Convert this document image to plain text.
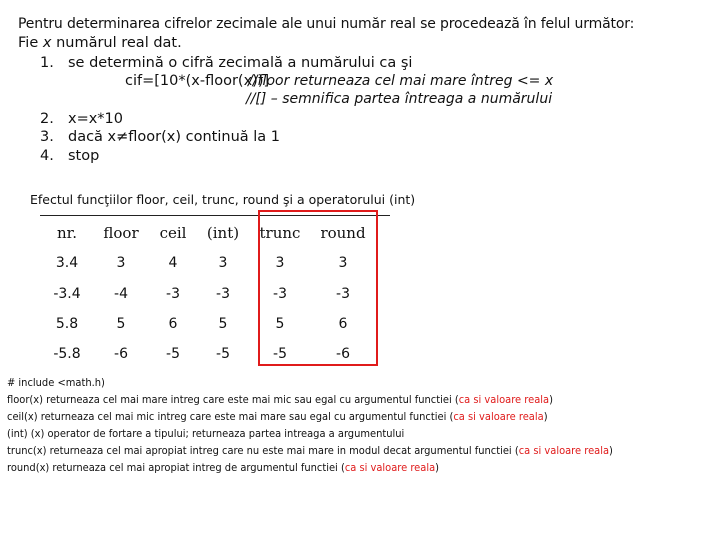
Pentru determinarea cifrelor zecimale ale unui număr real se procedează în felul următor:
Fie x numărul real dat.
1. se determină o cifră zecimală a numărului ca şi
cif=[10*(x-floor(x))]
//floor returneaza cel mai mare întreg <= x
//[] – semnifica partea întreaga a numărului
2. x=x*10
3. dacă x≠floor(x) continuă la 1
4. stop
Efectul funcţiilor floor, ceil, trunc, round şi a operatorului (int)
nr.	floor	ceil	(int)	trunc	round
3.4	3	4	3	3	3
-3.4	-4	-3	-3	-3	-3
5.8	5	6	5	5	6
-5.8	-6	-5	-5	-5	-6
# include <math.h)
floor(x) returneaza cel mai mare intreg care este mai mic sau egal cu argumentul functiei (ca si valoare reala)
ceil(x) returneaza cel mai mic intreg care este mai mare sau egal cu argumentul functiei (ca si valoare reala)
(int) (x) operator de fortare a tipului; returneaza partea intreaga a argumentului
trunc(x) returneaza cel mai apropiat intreg care nu este mai mare in modul decat argumentul functiei (ca si valoare reala)
round(x) returneaza cel mai apropiat intreg de argumentul functiei (ca si valoare reala)
